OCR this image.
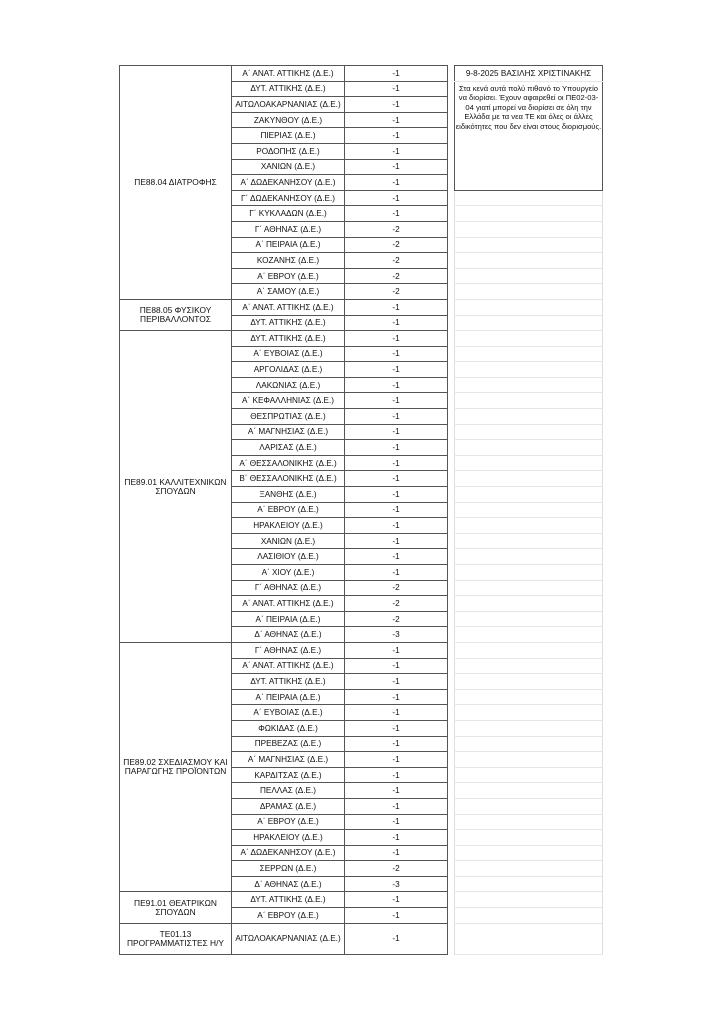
ΠΕ88.04 ΔΙΑΤΡΟΦΗΣ	Α΄ ΑΝΑΤ. ΑΤΤΙΚΗΣ (Δ.Ε.)	-1		9-8-2025 ΒΑΣΙΛΗΣ ΧΡΙΣΤΙΝΑΚΗΣ
	ΔΥΤ. ΑΤΤΙΚΗΣ (Δ.Ε.)	-1		Στα κενά αυτά πολύ πιθανό το Υπουργείο να διορίσει. Έχουν αφαιρεθεί οι ΠΕ02-03-04 γιατί μπορεί να διορίσει σε όλη την Ελλάδα με τα νεα ΤΕ και όλες οι άλλες ειδικότητες που δεν είναι στους διορισμούς.
	ΑΙΤΩΛΟΑΚΑΡΝΑΝΙΑΣ (Δ.Ε.)	-1		
	ΖΑΚΥΝΘΟΥ (Δ.Ε.)	-1		
	ΠΙΕΡΙΑΣ (Δ.Ε.)	-1		
	ΡΟΔΟΠΗΣ (Δ.Ε.)	-1		
	ΧΑΝΙΩΝ (Δ.Ε.)	-1		
	Α΄ ΔΩΔΕΚΑΝΗΣΟΥ (Δ.Ε.)	-1		
	Γ΄ ΔΩΔΕΚΑΝΗΣΟΥ (Δ.Ε.)	-1		
	Γ΄ ΚΥΚΛΑΔΩΝ (Δ.Ε.)	-1		
	Γ΄ ΑΘΗΝΑΣ (Δ.Ε.)	-2		
	Α΄ ΠΕΙΡΑΙΑ (Δ.Ε.)	-2		
	ΚΟΖΑΝΗΣ (Δ.Ε.)	-2		
	Α΄ ΕΒΡΟΥ (Δ.Ε.)	-2		
	Α΄ ΣΑΜΟΥ (Δ.Ε.)	-2		
ΠΕ88.05 ΦΥΣΙΚΟΥ ΠΕΡΙΒΑΛΛΟΝΤΟΣ	Α΄ ΑΝΑΤ. ΑΤΤΙΚΗΣ (Δ.Ε.)	-1		
	ΔΥΤ. ΑΤΤΙΚΗΣ (Δ.Ε.)	-1		
ΠΕ89.01 ΚΑΛΛΙΤΕΧΝΙΚΩΝ ΣΠΟΥΔΩΝ	ΔΥΤ. ΑΤΤΙΚΗΣ (Δ.Ε.)	-1		
	Α΄ ΕΥΒΟΙΑΣ (Δ.Ε.)	-1		
	ΑΡΓΟΛΙΔΑΣ (Δ.Ε.)	-1		
	ΛΑΚΩΝΙΑΣ (Δ.Ε.)	-1		
	Α΄ ΚΕΦΑΛΛΗΝΙΑΣ (Δ.Ε.)	-1		
	ΘΕΣΠΡΩΤΙΑΣ (Δ.Ε.)	-1		
	Α΄ ΜΑΓΝΗΣΙΑΣ (Δ.Ε.)	-1		
	ΛΑΡΙΣΑΣ (Δ.Ε.)	-1		
	Α΄ ΘΕΣΣΑΛΟΝΙΚΗΣ (Δ.Ε.)	-1		
	Β΄ ΘΕΣΣΑΛΟΝΙΚΗΣ (Δ.Ε.)	-1		
	ΞΑΝΘΗΣ (Δ.Ε.)	-1		
	Α΄ ΕΒΡΟΥ (Δ.Ε.)	-1		
	ΗΡΑΚΛΕΙΟΥ (Δ.Ε.)	-1		
	ΧΑΝΙΩΝ (Δ.Ε.)	-1		
	ΛΑΣΙΘΙΟΥ (Δ.Ε.)	-1		
	Α΄ ΧΙΟΥ (Δ.Ε.)	-1		
	Γ΄ ΑΘΗΝΑΣ (Δ.Ε.)	-2		
	Α΄ ΑΝΑΤ. ΑΤΤΙΚΗΣ (Δ.Ε.)	-2		
	Α΄ ΠΕΙΡΑΙΑ (Δ.Ε.)	-2		
	Δ΄ ΑΘΗΝΑΣ (Δ.Ε.)	-3		
ΠΕ89.02 ΣΧΕΔΙΑΣΜΟΥ ΚΑΙ ΠΑΡΑΓΩΓΗΣ ΠΡΟΪΟΝΤΩΝ	Γ΄ ΑΘΗΝΑΣ (Δ.Ε.)	-1		
	Α΄ ΑΝΑΤ. ΑΤΤΙΚΗΣ (Δ.Ε.)	-1		
	ΔΥΤ. ΑΤΤΙΚΗΣ (Δ.Ε.)	-1		
	Α΄ ΠΕΙΡΑΙΑ (Δ.Ε.)	-1		
	Α΄ ΕΥΒΟΙΑΣ (Δ.Ε.)	-1		
	ΦΩΚΙΔΑΣ (Δ.Ε.)	-1		
	ΠΡΕΒΕΖΑΣ (Δ.Ε.)	-1		
	Α΄ ΜΑΓΝΗΣΙΑΣ (Δ.Ε.)	-1		
	ΚΑΡΔΙΤΣΑΣ (Δ.Ε.)	-1		
	ΠΕΛΛΑΣ (Δ.Ε.)	-1		
	ΔΡΑΜΑΣ (Δ.Ε.)	-1		
	Α΄ ΕΒΡΟΥ (Δ.Ε.)	-1		
	ΗΡΑΚΛΕΙΟΥ (Δ.Ε.)	-1		
	Α΄ ΔΩΔΕΚΑΝΗΣΟΥ (Δ.Ε.)	-1		
	ΣΕΡΡΩΝ (Δ.Ε.)	-2		
	Δ΄ ΑΘΗΝΑΣ (Δ.Ε.)	-3		
ΠΕ91.01 ΘΕΑΤΡΙΚΩΝ ΣΠΟΥΔΩΝ	ΔΥΤ. ΑΤΤΙΚΗΣ (Δ.Ε.)	-1		
	Α΄ ΕΒΡΟΥ (Δ.Ε.)	-1		
ΤΕ01.13 ΠΡΟΓΡΑΜΜΑΤΙΣΤΕΣ Η/Υ	ΑΙΤΩΛΟΑΚΑΡΝΑΝΙΑΣ (Δ.Ε.)	-1		
